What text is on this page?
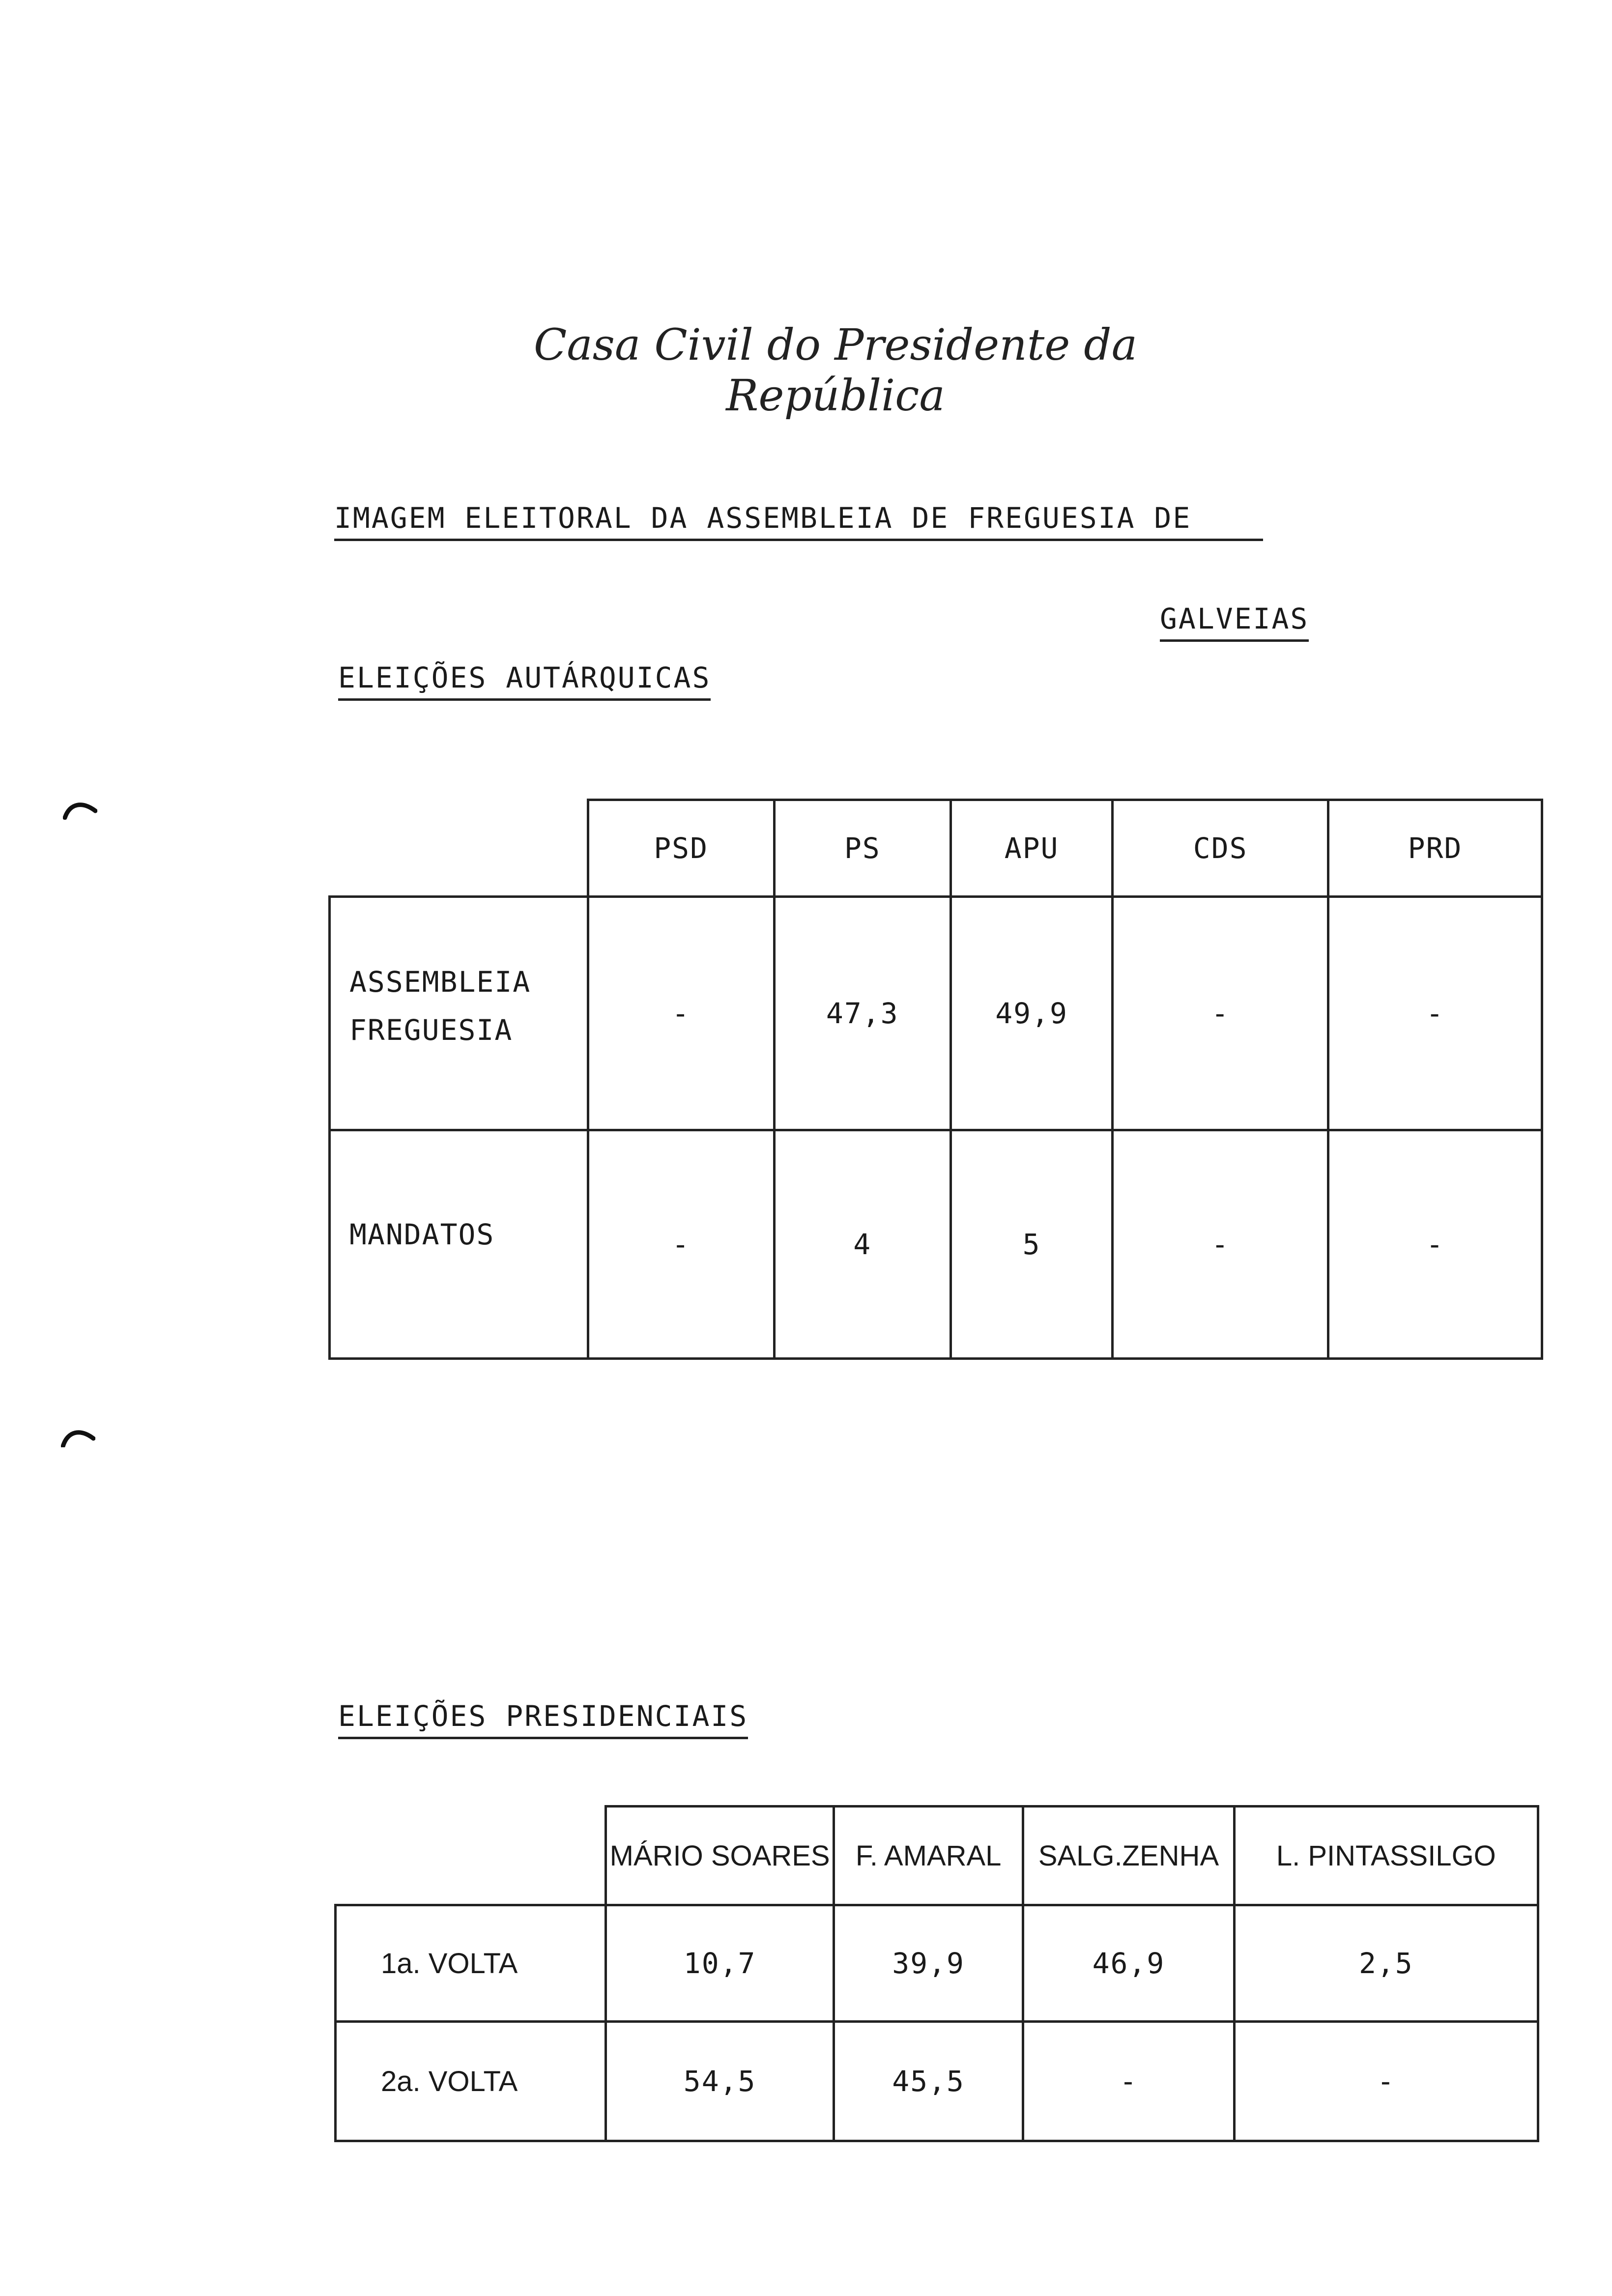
Casa Civil do Presidente da República
IMAGEM ELEITORAL DA ASSEMBLEIA DE FREGUESIA DE
GALVEIAS
ELEIÇÕES AUTÁRQUICAS
	PSD	PS	APU	CDS	PRD

ASSEMBLEIA
FREGUESIA	-	47,3	49,9	-	-

MANDATOS	-	4	5	-	-
ELEIÇÕES PRESIDENCIAIS
	MÁRIO SOARES	F. AMARAL	SALG.ZENHA	L. PINTASSILGO
1a. VOLTA	10,7	39,9	46,9	2,5
2a. VOLTA	54,5	45,5	-	-
